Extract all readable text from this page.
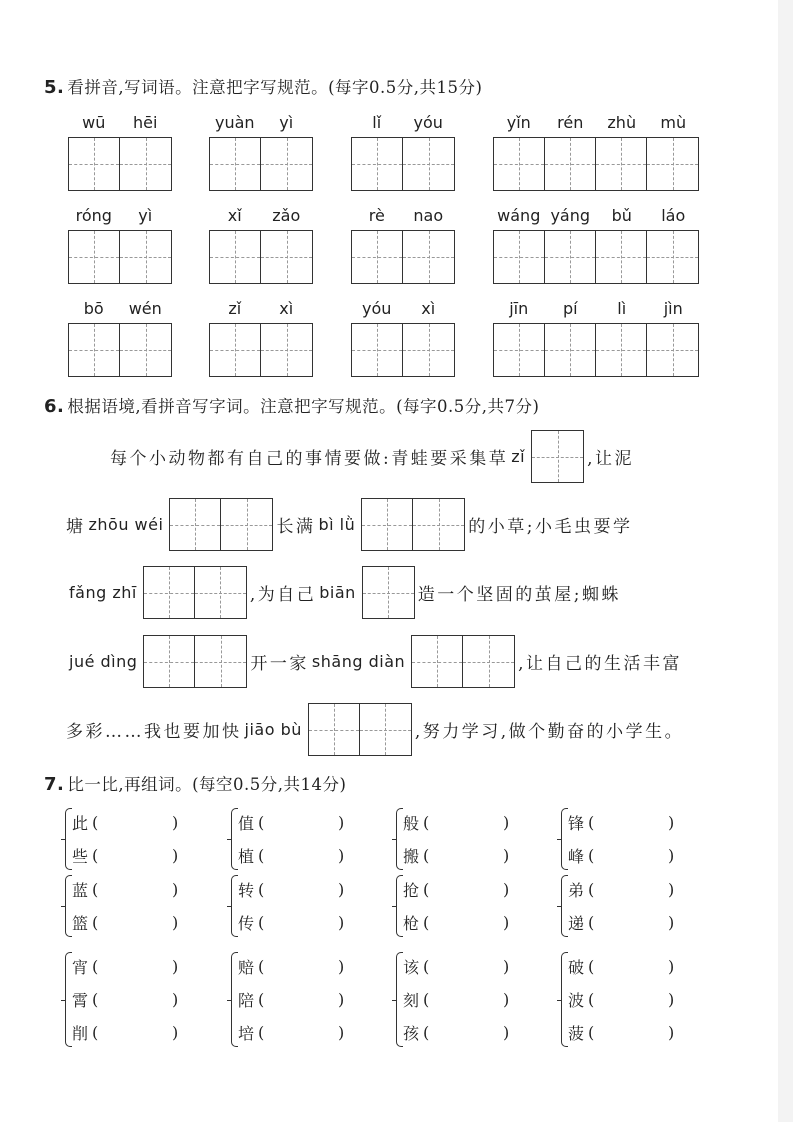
5. 看拼音,写词语。注意把字写规范。(每字0.5分,共15分)
wū hēi	yuàn yì	lǐ yóu	yǐn rén zhù mù
róng yì	xǐ zǎo	rè nao	wáng yáng bǔ láo
bō wén	zǐ xì	yóu xì	jīn pí lì jìn
6. 根据语境,看拼音写字词。注意把字写规范。(每字0.5分,共7分)
每个小动物都有自己的事情要做:青蛙要采集草 zǐ	,让泥
塘 zhōu wéi	长满 bì lǜ	的小草;小毛虫要学
fǎng zhī	,为自己 biān	造一个坚固的茧屋;蜘蛛
jué dìng	开一家 shāng diàn	,让自己的生活丰富
多彩……我也要加快 jiāo bù	,努力学习,做个勤奋的小学生。
7. 比一比,再组词。(每空0.5分,共14分)
此 (	)
些 (	)
值 (	)
植 (	)
般 (	)
搬 (	)
锋 (	)
峰 (	)
蓝 (	)
篮 (	)
转 (	)
传 (	)
抢 (	)
枪 (	)
弟 (	)
递 (	)
宵 (	)
霄 (	)
削 (	)
赔 (	)
陪 (	)
培 (	)
该 (	)
刻 (	)
孩 (	)
破 (	)
波 (	)
菠 (	)
